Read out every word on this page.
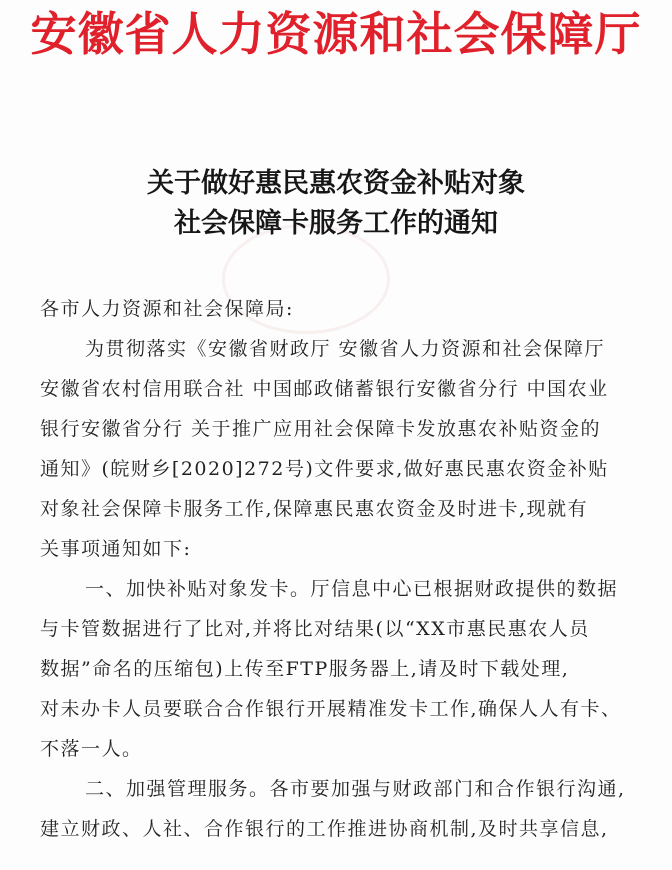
安徽省人力资源和社会保障厅
关于做好惠民惠农资金补贴对象
社会保障卡服务工作的通知
各市人力资源和社会保障局:
为贯彻落实《安徽省财政厅 安徽省人力资源和社会保障厅
安徽省农村信用联合社 中国邮政储蓄银行安徽省分行 中国农业
银行安徽省分行 关于推广应用社会保障卡发放惠农补贴资金的
通知》(皖财乡[2020]272号)文件要求,做好惠民惠农资金补贴
对象社会保障卡服务工作,保障惠民惠农资金及时进卡,现就有
关事项通知如下:
一、加快补贴对象发卡。厅信息中心已根据财政提供的数据
与卡管数据进行了比对,并将比对结果(以“XX市惠民惠农人员
数据”命名的压缩包)上传至FTP服务器上,请及时下载处理,
对未办卡人员要联合合作银行开展精准发卡工作,确保人人有卡、
不落一人。
二、加强管理服务。各市要加强与财政部门和合作银行沟通,
建立财政、人社、合作银行的工作推进协商机制,及时共享信息,
